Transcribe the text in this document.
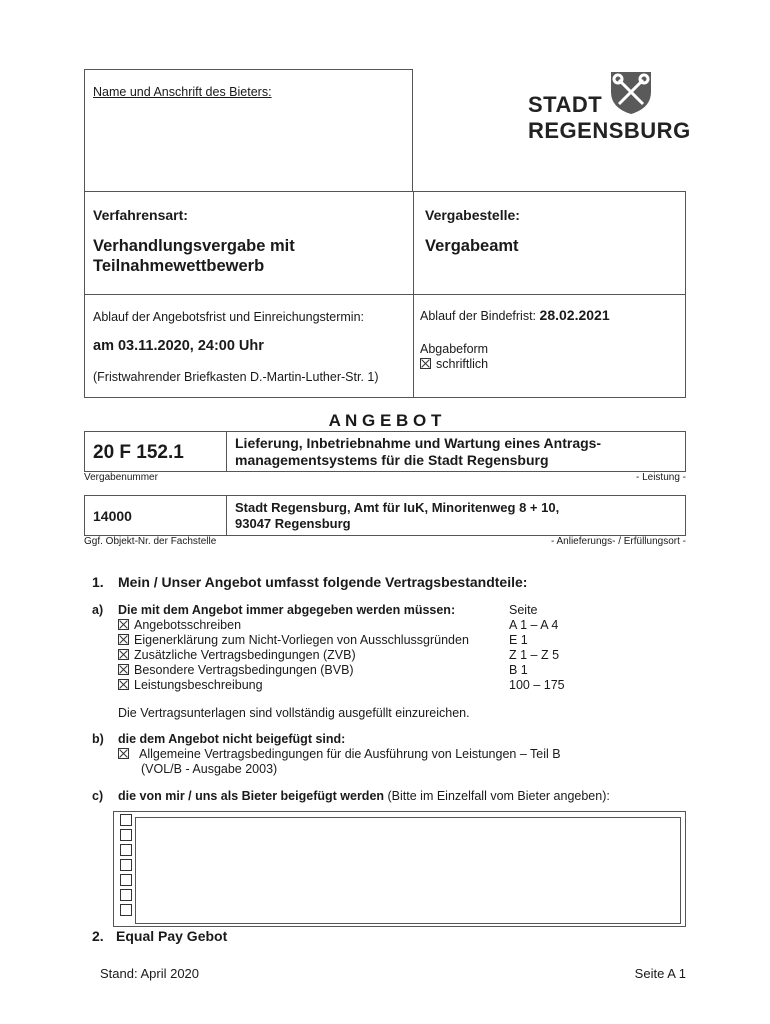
Name und Anschrift des Bieters:	STADT
REGENSBURG
Verfahrensart:
Verhandlungsvergabe mit
Teilnahmewettbewerb
Vergabestelle:
Vergabeamt
Ablauf der Angebotsfrist und Einreichungstermin:
am 03.11.2020, 24:00 Uhr
(Fristwahrender Briefkasten D.-Martin-Luther-Str. 1)
Ablauf der Bindefrist: 28.02.2021
Abgabeform
schriftlich
A N G E B O T
20 F 152.1	Lieferung, Inbetriebnahme und Wartung eines Antrags-
managementsystems für die Stadt Regensburg
Vergabenummer	- Leistung -
14000
Stadt Regensburg, Amt für IuK, Minoritenweg 8 + 10,
93047 Regensburg
Ggf. Objekt-Nr. der Fachstelle	- Anlieferungs- / Erfüllungsort -
1. Mein / Unser Angebot umfasst folgende Vertragsbestandteile:
a) Die mit dem Angebot immer abgegeben werden müssen:	Seite
Angebotsschreiben	A 1 – A 4
Eigenerklärung zum Nicht-Vorliegen von Ausschlussgründen	E 1
Zusätzliche Vertragsbedingungen (ZVB)	Z 1 – Z 5
Besondere Vertragsbedingungen (BVB)	B 1
Leistungsbeschreibung	100 – 175
Die Vertragsunterlagen sind vollständig ausgefüllt einzureichen.
b) die dem Angebot nicht beigefügt sind:
Allgemeine Vertragsbedingungen für die Ausführung von Leistungen – Teil B
(VOL/B - Ausgabe 2003)
c) die von mir / uns als Bieter beigefügt werden (Bitte im Einzelfall vom Bieter angeben):
2. Equal Pay Gebot
Stand: April 2020	Seite A 1
